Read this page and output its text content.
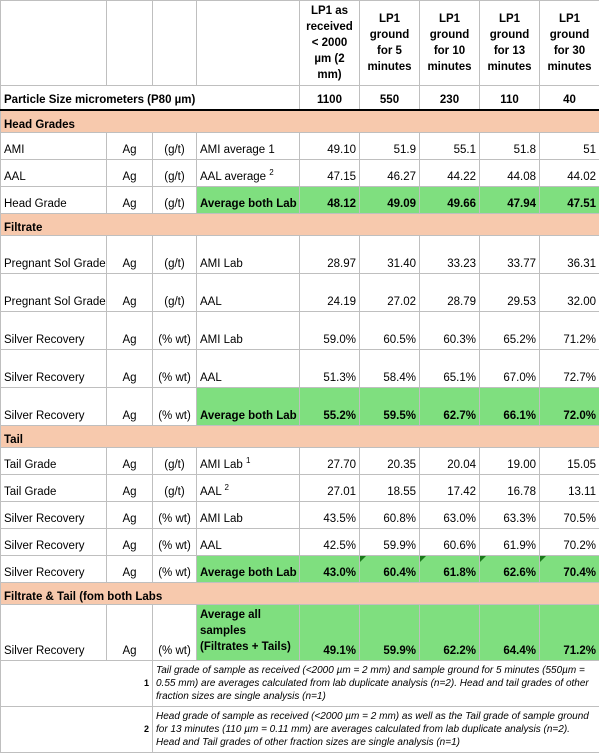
				LP1 as received < 2000 µm (2 mm)	LP1 ground for 5 minutes	LP1 ground for 10 minutes	LP1 ground for 13 minutes	LP1 ground for 30 minutes
Particle Size micrometers (P80 µm)				1100	550	230	110	40
Head Grades								
AMI	Ag	(g/t)	AMI average 1	49.10	51.9	55.1	51.8	51
AAL	Ag	(g/t)	AAL average $^2$	47.15	46.27	44.22	44.08	44.02
Head Grade	Ag	(g/t)	Average both Lab	48.12	49.09	49.66	47.94	47.51
Filtrate								
Pregnant Sol Grade	Ag	(g/t)	AMI Lab	28.97	31.40	33.23	33.77	36.31
Pregnant Sol Grade	Ag	(g/t)	AAL	24.19	27.02	28.79	29.53	32.00
Silver Recovery	Ag	(% wt)	AMI Lab	59.0%	60.5%	60.3%	65.2%	71.2%
Silver Recovery	Ag	(% wt)	AAL	51.3%	58.4%	65.1%	67.0%	72.7%
Silver Recovery	Ag	(% wt)	Average both Lab	55.2%	59.5%	62.7%	66.1%	72.0%
Tail								
Tail Grade	Ag	(g/t)	AMI Lab $^1$	27.70	20.35	20.04	19.00	15.05
Tail Grade	Ag	(g/t)	AAL $^2$	27.01	18.55	17.42	16.78	13.11
Silver Recovery	Ag	(% wt)	AMI Lab	43.5%	60.8%	63.0%	63.3%	70.5%
Silver Recovery	Ag	(% wt)	AAL	42.5%	59.9%	60.6%	61.9%	70.2%
Silver Recovery	Ag	(% wt)	Average both Lab	43.0%	60.4%	61.8%	62.6%	70.4%
Filtrate & Tail (fom both Labs								
Silver Recovery	Ag	(% wt)	Average all samples (Filtrates + Tails)	49.1%	59.9%	62.2%	64.4%	71.2%
1		Tail grade of sample as received (<2000 µm = 2 mm) and sample ground for 5 minutes (550µm = 0.55 mm) are averages calculated from lab duplicate analysis (n=2). Head and tail grades of other fraction sizes are single analysis (n=1)						
2		Head grade of sample as received (<2000 µm = 2 mm) as well as the Tail grade of sample ground for 13 minutes (110 µm = 0.11 mm) are averages calculated from lab duplicate analysis (n=2). Head and Tail grades of other fraction sizes are single analysis (n=1)						
